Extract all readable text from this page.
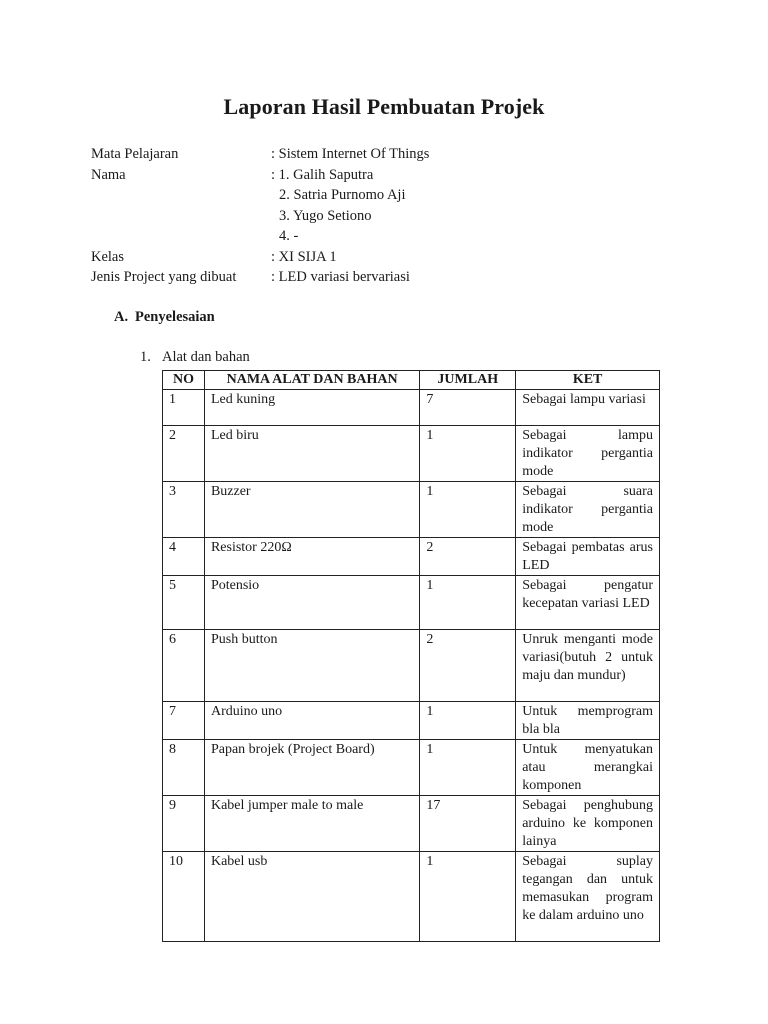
Laporan Hasil Pembuatan Projek
Mata Pelajaran	: Sistem Internet Of Things
Nama	: 1. Galih Saputra
2. Satria Purnomo Aji
3. Yugo Setiono
4. -
Kelas	: XI SIJA 1
Jenis Project yang dibuat	: LED variasi bervariasi
A. Penyelesaian
1. Alat dan bahan
NO	NAMA ALAT DAN BAHAN	JUMLAH	KET
1	Led kuning	7	Sebagai lampu variasi
2	Led biru	1	Sebagai lampu indikator pergantia mode
3	Buzzer	1	Sebagai suara indikator pergantia mode
4	Resistor 220Ω	2	Sebagai pembatas arus LED
5	Potensio	1	Sebagai pengatur kecepatan variasi LED
6	Push button	2	Unruk menganti mode variasi(butuh 2 untuk maju dan mundur)
7	Arduino uno	1	Untuk memprogram bla bla
8	Papan brojek (Project Board)	1	Untuk menyatukan atau merangkai komponen
9	Kabel jumper male to male	17	Sebagai penghubung arduino ke komponen lainya
10	Kabel usb	1	Sebagai suplay tegangan dan untuk memasukan program ke dalam arduino uno
